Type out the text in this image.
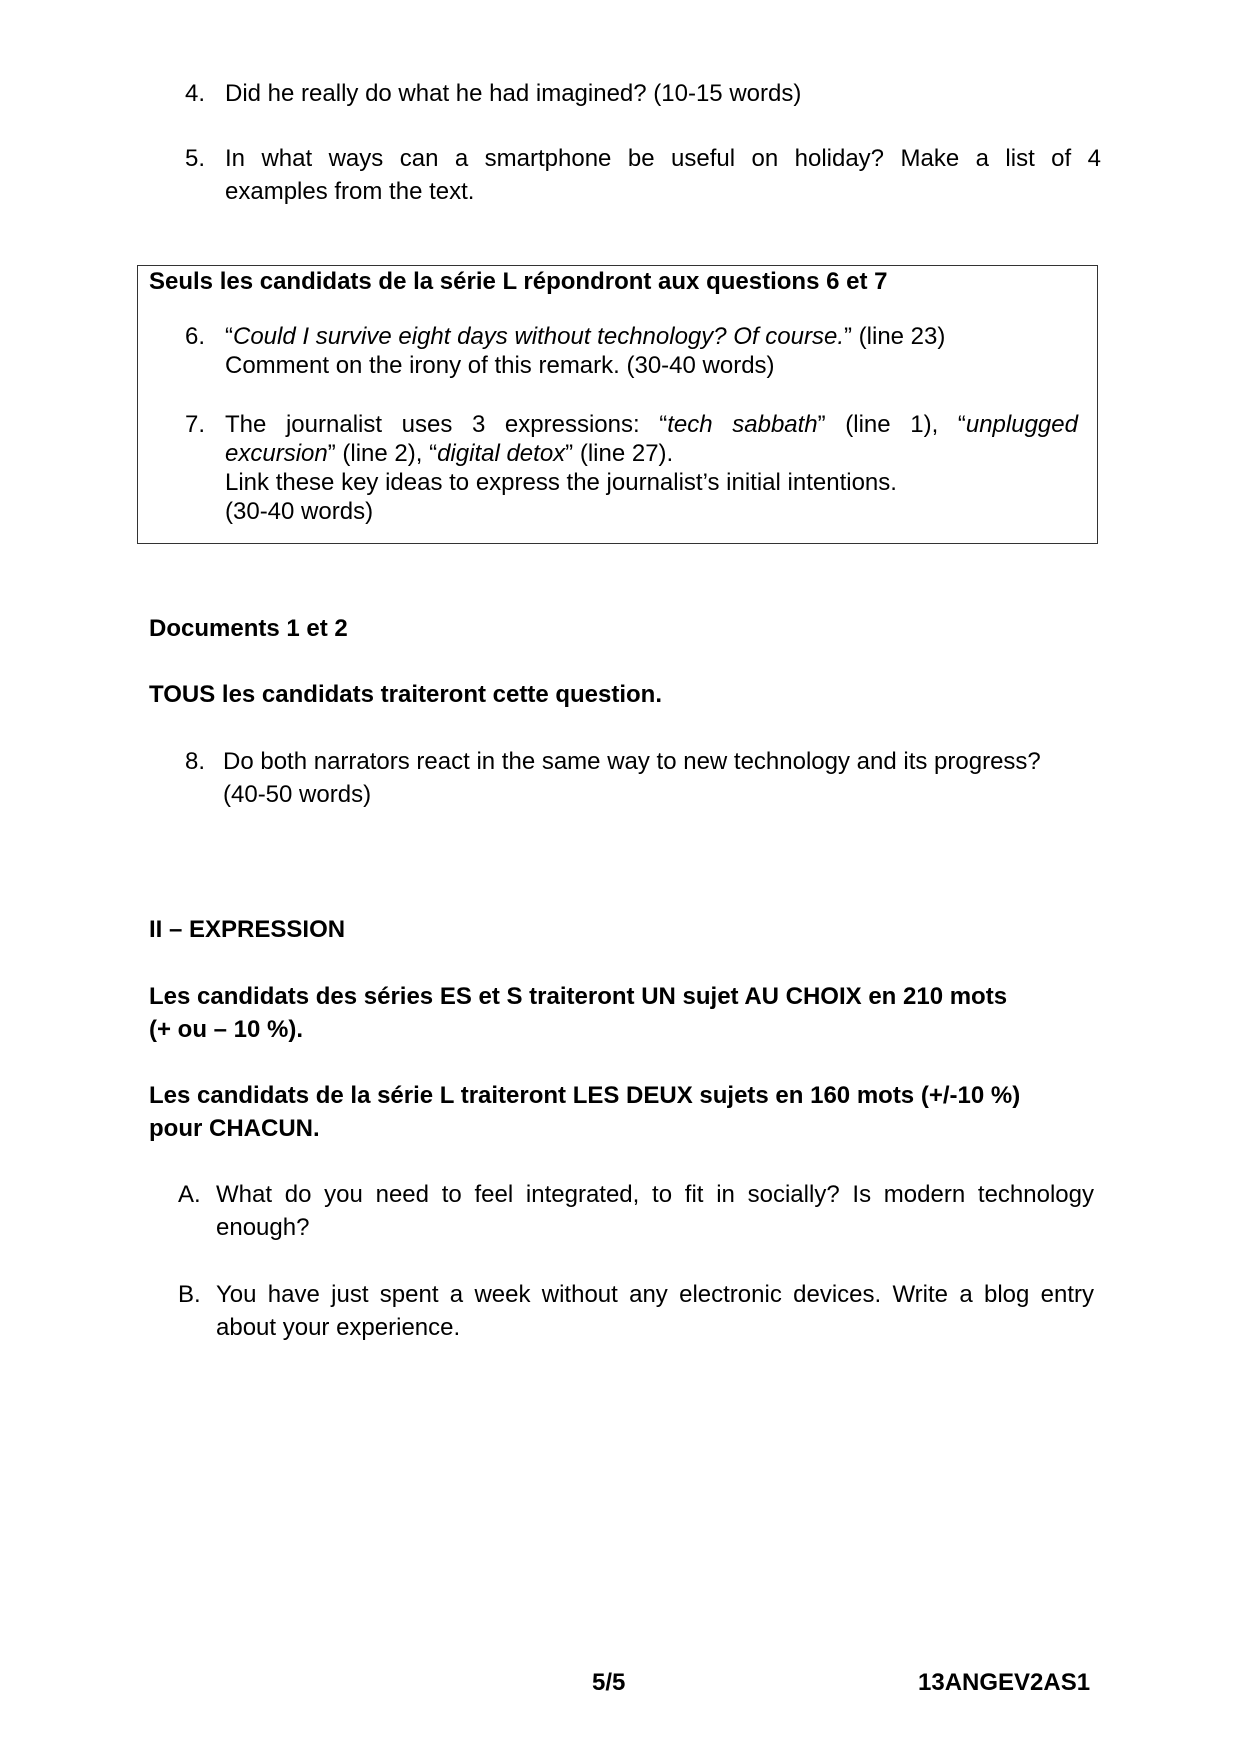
4. Did he really do what he had imagined? (10-15 words)
5. In what ways can a smartphone be useful on holiday? Make a list of 4
examples from the text.
Seuls les candidats de la série L répondront aux questions 6 et 7
6. “Could I survive eight days without technology? Of course.” (line 23)
Comment on the irony of this remark. (30-40 words)
7. The journalist uses 3 expressions: “tech sabbath” (line 1), “unplugged
excursion” (line 2), “digital detox” (line 27).
Link these key ideas to express the journalist’s initial intentions.
(30-40 words)
Documents 1 et 2
TOUS les candidats traiteront cette question.
8. Do both narrators react in the same way to new technology and its progress?
(40-50 words)
II – EXPRESSION
Les candidats des séries ES et S traiteront UN sujet AU CHOIX en 210 mots
(+ ou – 10 %).
Les candidats de la série L traiteront LES DEUX sujets en 160 mots (+/-10 %)
pour CHACUN.
A. What do you need to feel integrated, to fit in socially? Is modern technology
enough?
B. You have just spent a week without any electronic devices. Write a blog entry
about your experience.
5/5	13ANGEV2AS1
